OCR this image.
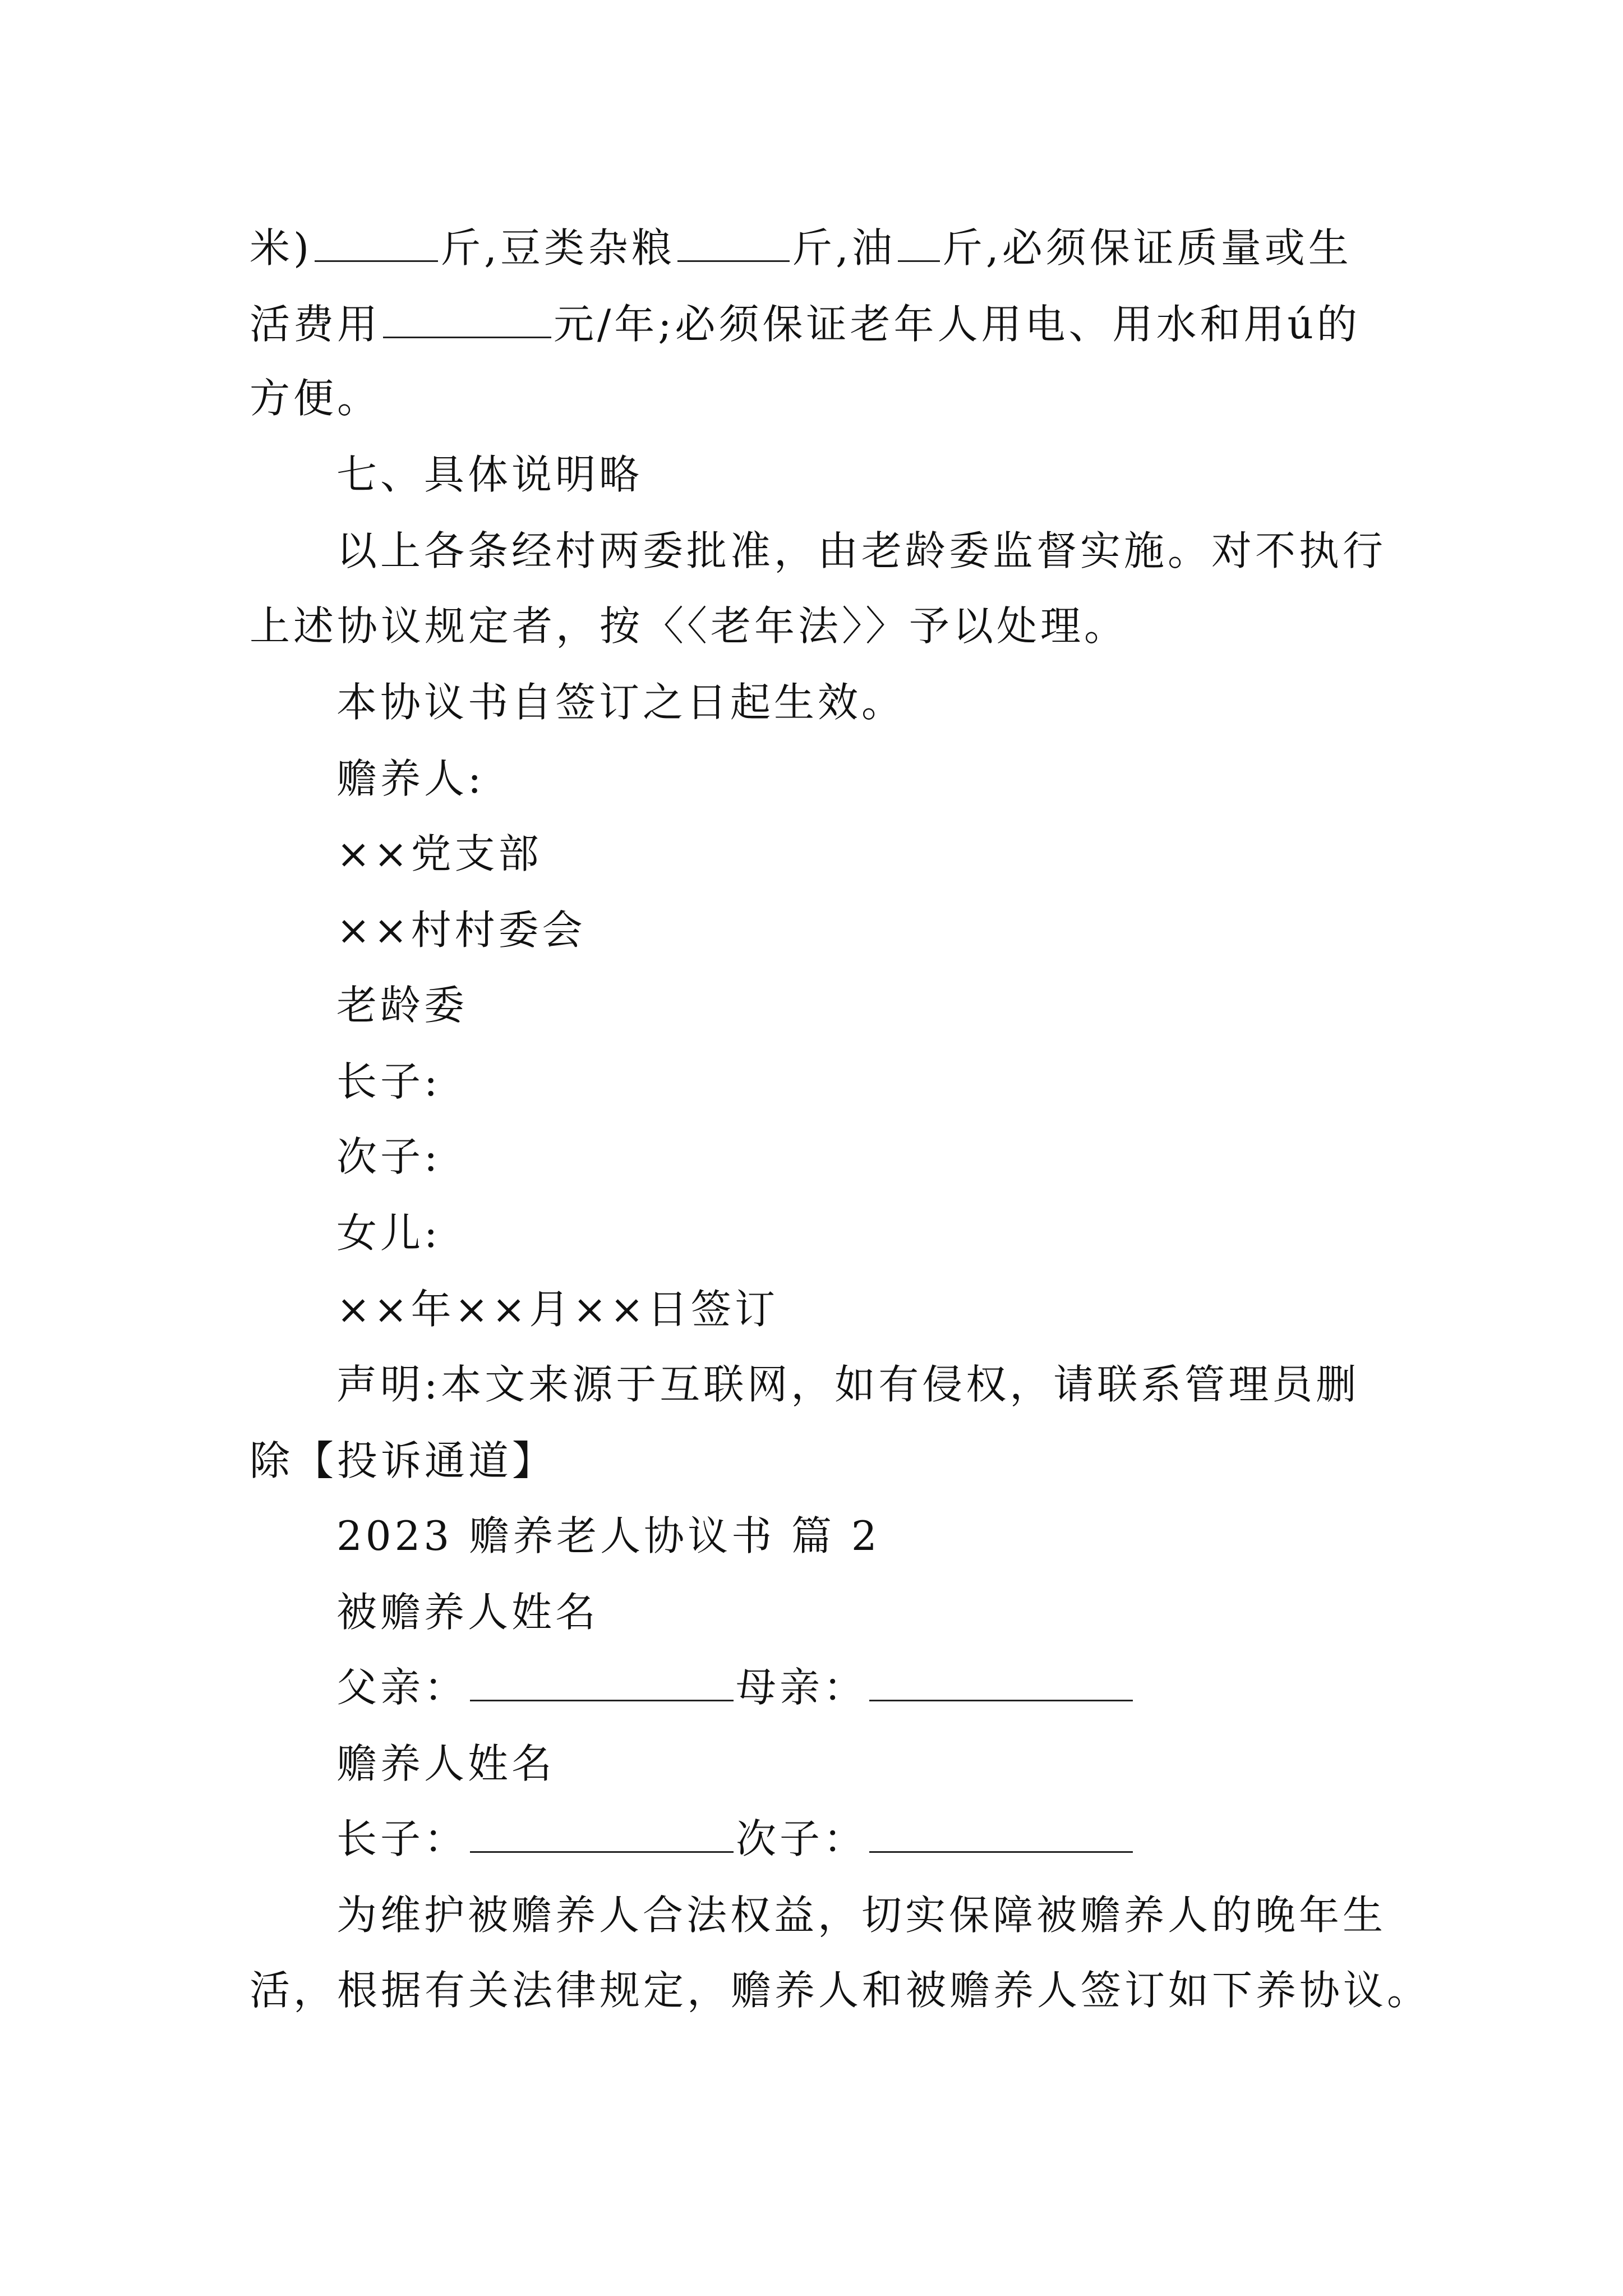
米)	斤,豆类杂粮	斤,油 斤,必须保证质量或生
活费用	元/年;必须保证老年人用电、用水和用ú的
方便。
七、具体说明略
以上各条经村两委批准，由老龄委监督实施。对不执行
上述协议规定者，按〈〈老年法〉〉予以处理。
本协议书自签订之日起生效。
赡养人:
××党支部
××村村委会
老龄委
长子:
次子:
女儿:
××年××月××日签订
声明:本文来源于互联网，如有侵权，请联系管理员删
除【投诉通道】
2023 赡养老人协议书 篇 2
被赡养人姓名
父亲：	母亲：
赡养人姓名
长子：	次子：
为维护被赡养人合法权益，切实保障被赡养人的晚年生
活，根据有关法律规定，赡养人和被赡养人签订如下养协议。
